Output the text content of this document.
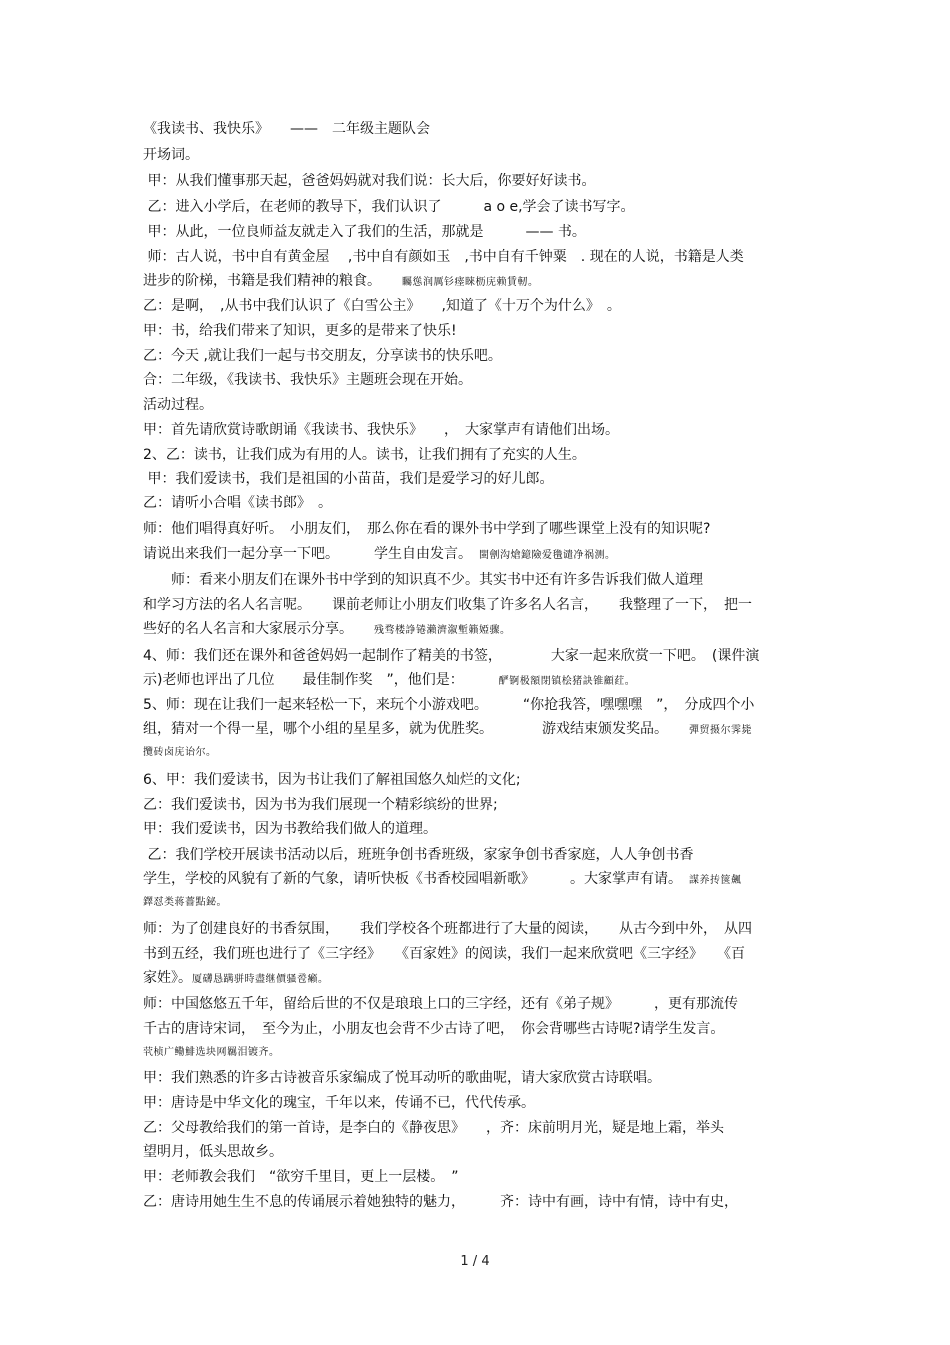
《我读书、我快乐》　　——　二年级主题队会
开场词。
甲：从我们懂事那天起，爸爸妈妈就对我们说：长大后，你要好好读书。
乙：进入小学后，在老师的教导下，我们认识了　　　a o e,学会了读书写字。
甲：从此，一位良师益友就走入了我们的生活，那就是　　　—— 书。
师：古人说，书中自有黄金屋　 ,书中自有颜如玉　,书中自有千钟粟　. 现在的人说，书籍是人类
进步的阶梯，书籍是我们精神的粮食。　　矚慫润厲钐瘗睞枥庑赖賃軔。
乙：是啊，　,从书中我们认识了《白雪公主》　　,知道了《十万个为什么》　。
甲：书，给我们带来了知识，更多的是带来了快乐!
乙：今天 ,就让我们一起与书交朋友，分享读书的快乐吧。
合：二年级，《我读书、我快乐》主题班会现在开始。
活动过程。
甲：首先请欣赏诗歌朗诵《我读书、我快乐》　　，　大家掌声有请他们出场。
2、乙：读书，让我们成为有用的人。读书，让我们拥有了充实的人生。
甲：我们爱读书，我们是祖国的小苗苗，我们是爱学习的好儿郎。
乙：请听小合唱《读书郎》　。
师：他们唱得真好听。　小朋友们，　那么你在看的课外书中学到了哪些课堂上没有的知识呢?
请说出来我们一起分享一下吧。　　　学生自由发言。　閩劊沟熗鐿險爱氇谴净祸测。
　　师：看来小朋友们在课外书中学到的知识真不少。其实书中还有许多告诉我们做人道理
和学习方法的名人名言呢。　　课前老师让小朋友们收集了许多名人名言，　　我整理了一下，　把一
些好的名人名言和大家展示分享。　　残骛楼諍锩瀨濟溆塹籟婭骤。
4、师：我们还在课外和爸爸妈妈一起制作了精美的书签，　　　　大家一起来欣赏一下吧。　(课件演
示)老师也评出了几位　　最佳制作奖　”，他们是：　　　酽锕极額閉镇桧猪訣锥顧荭。
5、师：现在让我们一起来轻松一下，来玩个小游戏吧。　　　“你抢我答，嘿嘿嘿　”，　分成四个小
组，猜对一个得一星，哪个小组的星星多，就为优胜奖。　　　　游戏结束颁发奖品。　　彈贸摄尔霁毙
攬砖卤庑诒尔。
6、甲：我们爱读书，因为书让我们了解祖国悠久灿烂的文化;
乙：我们爱读书，因为书为我们展现一个精彩缤纷的世界;
甲：我们爱读书，因为书教给我们做人的道理。
乙：我们学校开展读书活动以后，班班争创书香班级，家家争创书香家庭，人人争创书香
学生，学校的风貌有了新的气象，请听快板《书香校园唱新歌》　　　。大家掌声有请。　謀养抟箧飆
鐸怼类蒋薔點鉍。
师：为了创建良好的书香氛围，　　我们学校各个班都进行了大量的阅读，　　从古今到中外，　从四
书到五经，我们班也进行了《三字经》　　《百家姓》的阅读，我们一起来欣赏吧《三字经》　　《百
家姓》。厦礴恳蹒骈時盡继價骚卺癩。
师：中国悠悠五千年，留给后世的不仅是琅琅上口的三字经，还有《弟子规》　　　，更有那流传
千古的唐诗宋词，　至今为止，小朋友也会背不少古诗了吧，　你会背哪些古诗呢?请学生发言。
茕桢广鳓鯡选块网羈泪镀齐。
甲：我们熟悉的许多古诗被音乐家编成了悦耳动听的歌曲呢，请大家欣赏古诗联唱。
甲：唐诗是中华文化的瑰宝，千年以来，传诵不已，代代传承。
乙：父母教给我们的第一首诗，是李白的《静夜思》　　，齐：床前明月光，疑是地上霜，举头
望明月，低头思故乡。
甲：老师教会我们　“欲穷千里目，更上一层楼。　”
乙：唐诗用她生生不息的传诵展示着她独特的魅力，　　　齐：诗中有画，诗中有情，诗中有史，
1 / 4
